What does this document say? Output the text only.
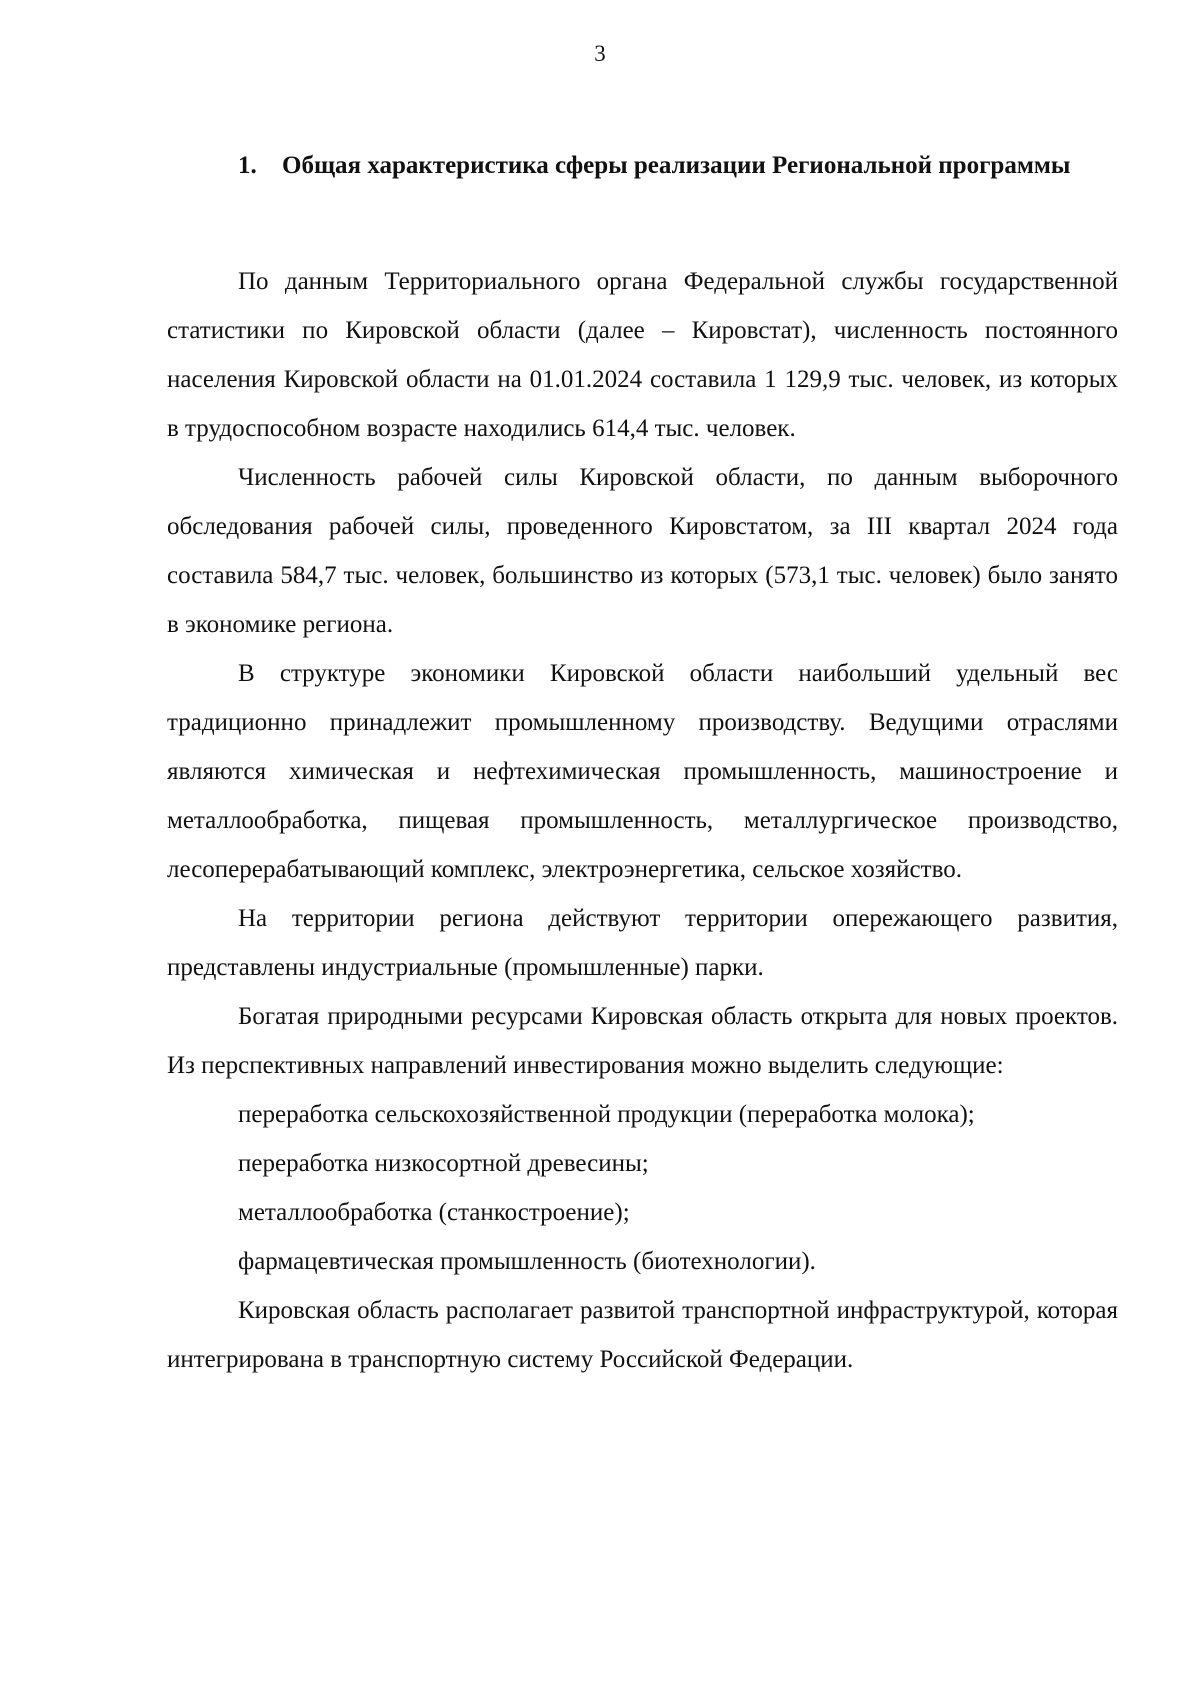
3
1.	Общая характеристика сферы реализации Региональной программы

По данным Территориального органа Федеральной службы государственной статистики по Кировской области (далее – Кировстат), численность постоянного населения Кировской области на 01.01.2024 составила 1 129,9 тыс. человек, из которых в трудоспособном возрасте находились 614,4 тыс. человек.

Численность рабочей силы Кировской области, по данным выборочного обследования рабочей силы, проведенного Кировстатом, за III квартал 2024 года составила 584,7 тыс. человек, большинство из которых (573,1 тыс. человек) было занято в экономике региона.

В структуре экономики Кировской области наибольший удельный вес традиционно принадлежит промышленному производству. Ведущими отраслями являются химическая и нефтехимическая промышленность, машиностроение и металлообработка, пищевая промышленность, металлургическое производство, лесоперерабатывающий комплекс, электроэнергетика, сельское хозяйство.

На территории региона действуют территории опережающего развития, представлены индустриальные (промышленные) парки.

Богатая природными ресурсами Кировская область открыта для новых проектов. Из перспективных направлений инвестирования можно выделить следующие:

переработка сельскохозяйственной продукции (переработка молока);

переработка низкосортной древесины;

металлообработка (станкостроение);

фармацевтическая промышленность (биотехнологии).

Кировская область располагает развитой транспортной инфраструктурой, которая интегрирована в транспортную систему Российской Федерации.
